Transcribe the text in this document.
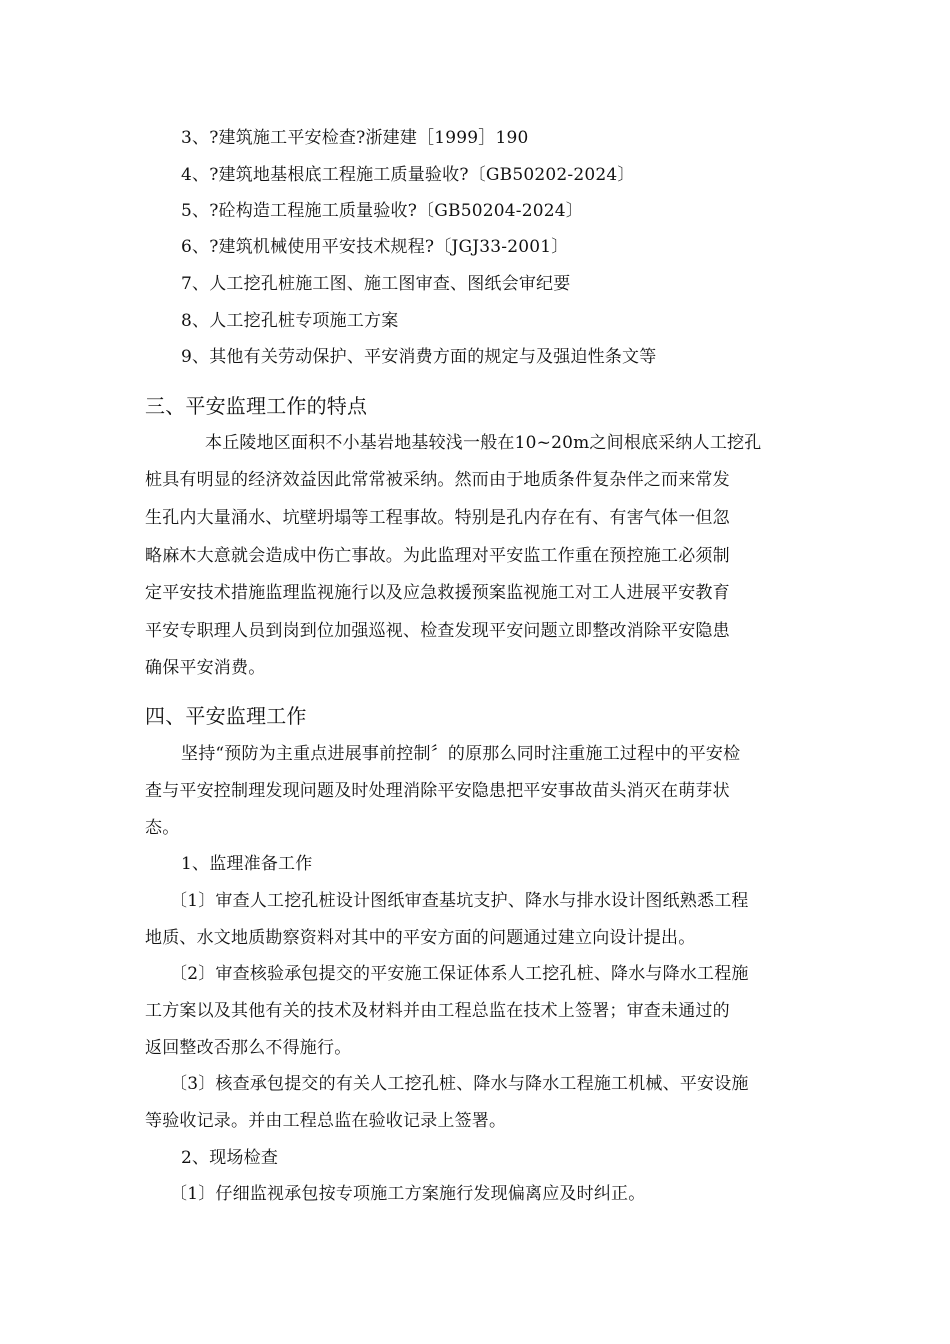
3、?建筑施工平安检查?浙建建［1999］190
4、?建筑地基根底工程施工质量验收?〔GB50202-2024〕
5、?砼构造工程施工质量验收?〔GB50204-2024〕
6、?建筑机械使用平安技术规程?〔JGJ33-2001〕
7、人工挖孔桩施工图、施工图审查、图纸会审纪要
8、人工挖孔桩专项施工方案
9、其他有关劳动保护、平安消费方面的规定与及强迫性条文等
三、平安监理工作的特点
本丘陵地区面积不小基岩地基较浅一般在10~20m之间根底采纳人工挖孔
桩具有明显的经济效益因此常常被采纳。然而由于地质条件复杂伴之而来常发
生孔内大量涌水、坑壁坍塌等工程事故。特别是孔内存在有、有害气体一但忽
略麻木大意就会造成中伤亡事故。为此监理对平安监工作重在预控施工必须制
定平安技术措施监理监视施行以及应急救援预案监视施工对工人进展平安教育
平安专职理人员到岗到位加强巡视、检查发现平安问题立即整改消除平安隐患
确保平安消费。
四、平安监理工作
坚持“预防为主重点进展事前控制〞的原那么同时注重施工过程中的平安检
查与平安控制理发现问题及时处理消除平安隐患把平安事故苗头消灭在萌芽状
态。
1、监理准备工作
〔1〕审查人工挖孔桩设计图纸审查基坑支护、降水与排水设计图纸熟悉工程
地质、水文地质勘察资料对其中的平安方面的问题通过建立向设计提出。
〔2〕审查核验承包提交的平安施工保证体系人工挖孔桩、降水与降水工程施
工方案以及其他有关的技术及材料并由工程总监在技术上签署；审查未通过的
返回整改否那么不得施行。
〔3〕核查承包提交的有关人工挖孔桩、降水与降水工程施工机械、平安设施
等验收记录。并由工程总监在验收记录上签署。
2、现场检查
〔1〕仔细监视承包按专项施工方案施行发现偏离应及时纠正。
